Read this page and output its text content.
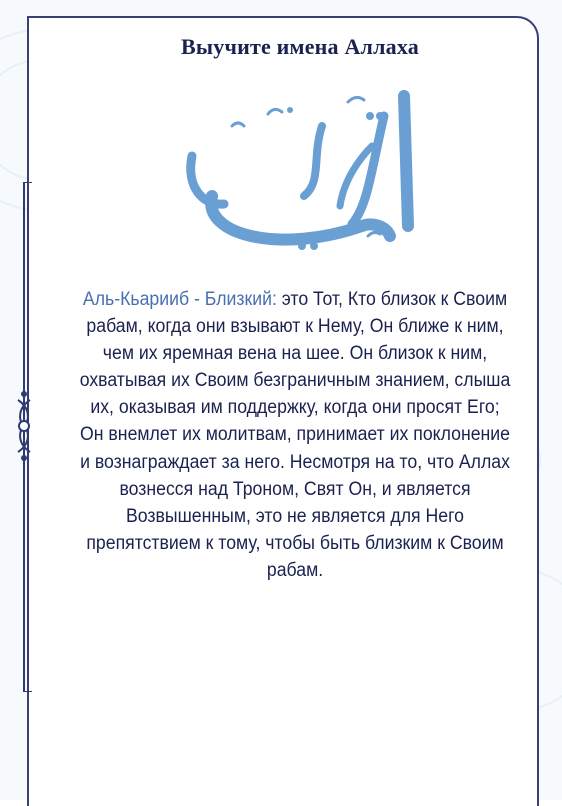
Выучите имена Аллаха
Аль-Кьарииб - Близкий: это Тот, Кто близок к Своим рабам, когда они взывают к Нему, Он ближе к ним, чем их яремная вена на шее. Он близок к ним, охватывая их Своим безграничным знанием, слыша их, оказывая им поддержку, когда они просят Его; Он внемлет их молитвам, принимает их поклонение и вознаграждает за него. Несмотря на то, что Аллах вознесся над Троном, Свят Он, и является Возвышенным, это не является для Него препятствием к тому, чтобы быть близким к Своим рабам.
